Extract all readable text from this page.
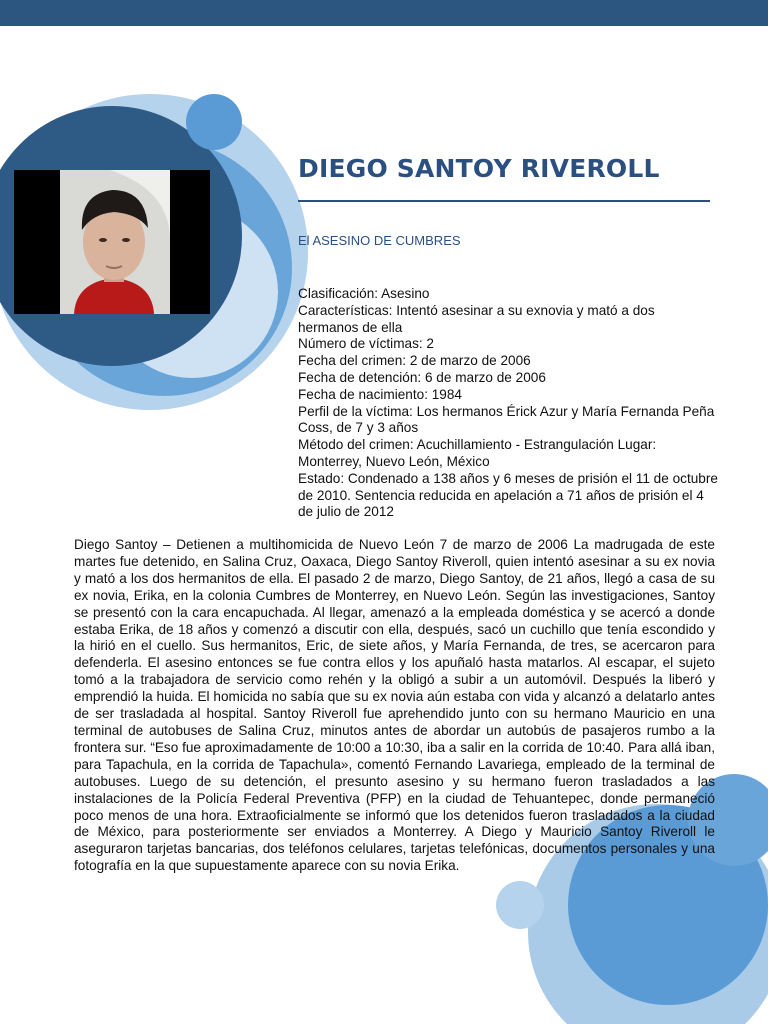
DIEGO SANTOY RIVEROLL
El ASESINO DE CUMBRES
Clasificación: Asesino
Características: Intentó asesinar a su exnovia y mató a dos hermanos de ella
Número de víctimas: 2
Fecha del crimen: 2 de marzo de 2006
Fecha de detención: 6 de marzo de 2006
Fecha de nacimiento: 1984
Perfil de la víctima: Los hermanos Érick Azur y María Fernanda Peña Coss, de 7 y 3 años
Método del crimen: Acuchillamiento - Estrangulación Lugar: Monterrey, Nuevo León, México
Estado: Condenado a 138 años y 6 meses de prisión el 11 de octubre de 2010. Sentencia reducida en apelación a 71 años de prisión el 4 de julio de 2012

Diego Santoy – Detienen a multihomicida de Nuevo León 7 de marzo de 2006 La madrugada de este martes fue detenido, en Salina Cruz, Oaxaca, Diego Santoy Riveroll, quien intentó asesinar a su ex novia y mató a los dos hermanitos de ella. El pasado 2 de marzo, Diego Santoy, de 21 años, llegó a casa de su ex novia, Erika, en la colonia Cumbres de Monterrey, en Nuevo León. Según las investigaciones, Santoy se presentó con la cara encapuchada. Al llegar, amenazó a la empleada doméstica y se acercó a donde estaba Erika, de 18 años y comenzó a discutir con ella, después, sacó un cuchillo que tenía escondido y la hirió en el cuello. Sus hermanitos, Eric, de siete años, y María Fernanda, de tres, se acercaron para defenderla. El asesino entonces se fue contra ellos y los apuñaló hasta matarlos. Al escapar, el sujeto tomó a la trabajadora de servicio como rehén y la obligó a subir a un automóvil. Después la liberó y emprendió la huida. El homicida no sabía que su ex novia aún estaba con vida y alcanzó a delatarlo antes de ser trasladada al hospital. Santoy Riveroll fue aprehendido junto con su hermano Mauricio en una terminal de autobuses de Salina Cruz, minutos antes de abordar un autobús de pasajeros rumbo a la frontera sur. “Eso fue aproximadamente de 10:00 a 10:30, iba a salir en la corrida de 10:40. Para allá iban, para Tapachula, en la corrida de Tapachula», comentó Fernando Lavariega, empleado de la terminal de autobuses. Luego de su detención, el presunto asesino y su hermano fueron trasladados a las instalaciones de la Policía Federal Preventiva (PFP) en la ciudad de Tehuantepec, donde permaneció poco menos de una hora. Extraoficialmente se informó que los detenidos fueron trasladados a la ciudad de México, para posteriormente ser enviados a Monterrey. A Diego y Mauricio Santoy Riveroll le aseguraron tarjetas bancarias, dos teléfonos celulares, tarjetas telefónicas, documentos personales y una fotografía en la que supuestamente aparece con su novia Erika.
